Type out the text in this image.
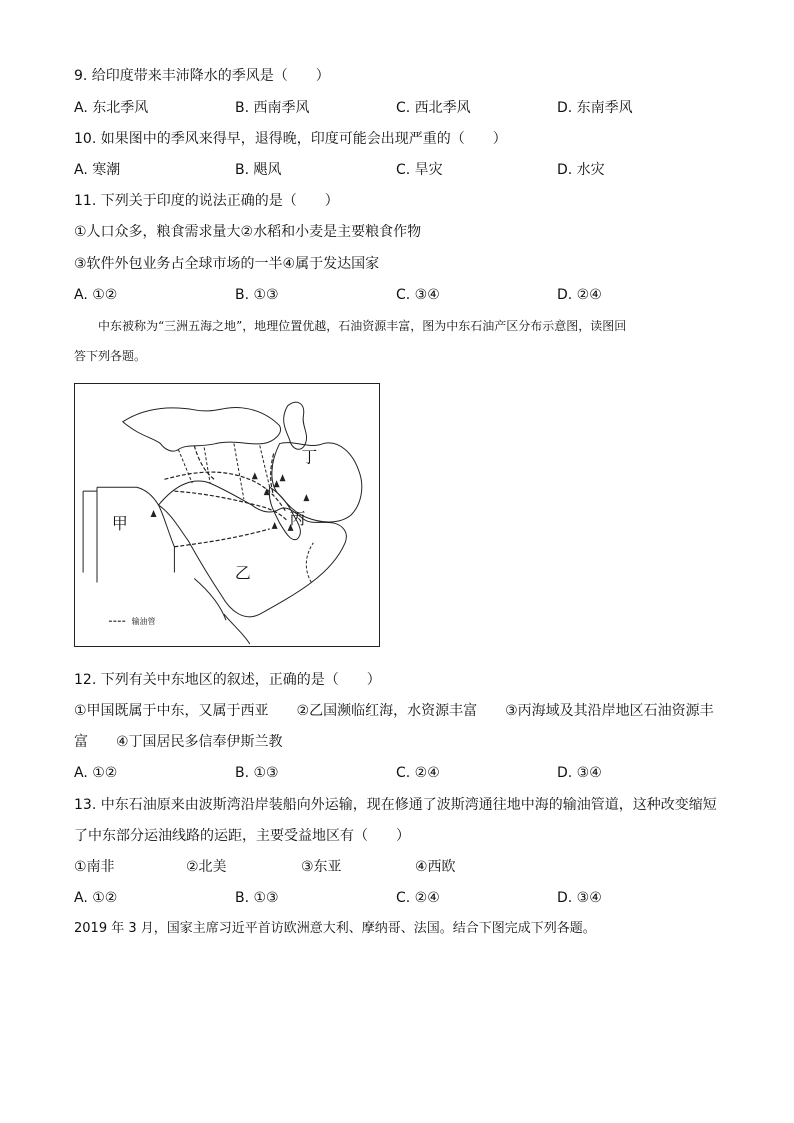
9. 给印度带来丰沛降水的季风是（　　）
A. 东北季风	B. 西南季风	C. 西北季风	D. 东南季风
10. 如果图中的季风来得早，退得晚，印度可能会出现严重的（　　）
A. 寒潮	B. 飓风	C. 旱灾	D. 水灾
11. 下列关于印度的说法正确的是（　　）
①人口众多，粮食需求量大②水稻和小麦是主要粮食作物
③软件外包业务占全球市场的一半④属于发达国家
A. ①②	B. ①③	C. ③④	D. ②④
中东被称为“三洲五海之地”，地理位置优越，石油资源丰富，图为中东石油产区分布示意图，读图回
答下列各题。
甲
乙
丙
丁
输油管
12. 下列有关中东地区的叙述，正确的是（　　）
①甲国既属于中东，又属于西亚　　②乙国濒临红海，水资源丰富　　③丙海域及其沿岸地区石油资源丰
富　　④丁国居民多信奉伊斯兰教
A. ①②	B. ①③	C. ②④	D. ③④
13. 中东石油原来由波斯湾沿岸装船向外运输，现在修通了波斯湾通往地中海的输油管道，这种改变缩短
了中东部分运油线路的运距，主要受益地区有（　　）
①南非	②北美	③东亚	④西欧
A. ①②	B. ①③	C. ②④	D. ③④
2019 年 3 月，国家主席习近平首访欧洲意大利、摩纳哥、法国。结合下图完成下列各题。
